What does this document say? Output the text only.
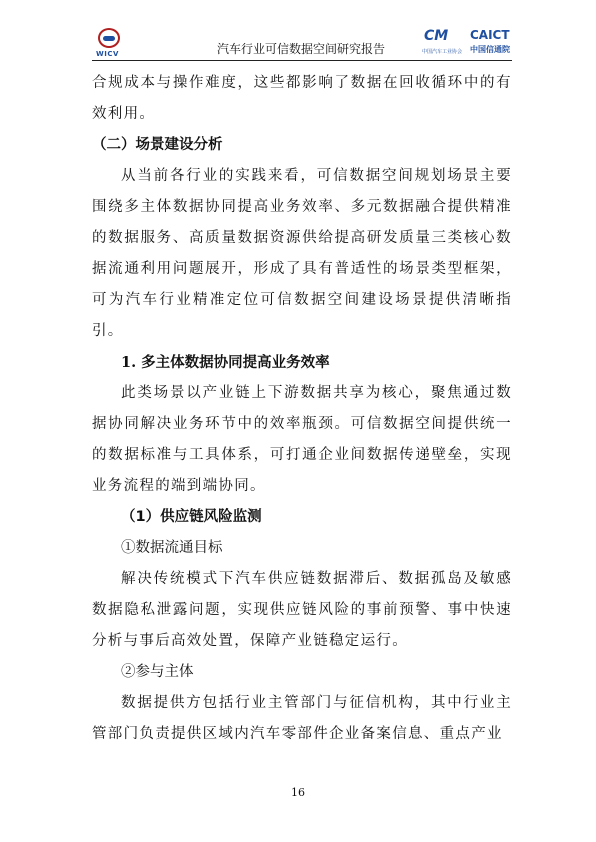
WICV	汽车行业可信数据空间研究报告
CM
中国汽车工业协会
CAICT
中国信通院

合规成本与操作难度，这些都影响了数据在回收循环中的有效利用。

（二）场景建设分析

从当前各行业的实践来看，可信数据空间规划场景主要围绕多主体数据协同提高业务效率、多元数据融合提供精准的数据服务、高质量数据资源供给提高研发质量三类核心数据流通利用问题展开，形成了具有普适性的场景类型框架，可为汽车行业精准定位可信数据空间建设场景提供清晰指引。

1. 多主体数据协同提高业务效率

此类场景以产业链上下游数据共享为核心，聚焦通过数据协同解决业务环节中的效率瓶颈。可信数据空间提供统一的数据标准与工具体系，可打通企业间数据传递壁垒，实现业务流程的端到端协同。

（1）供应链风险监测

①数据流通目标

解决传统模式下汽车供应链数据滞后、数据孤岛及敏感数据隐私泄露问题，实现供应链风险的事前预警、事中快速分析与事后高效处置，保障产业链稳定运行。

②参与主体

数据提供方包括行业主管部门与征信机构，其中行业主管部门负责提供区域内汽车零部件企业备案信息、重点产业

16
